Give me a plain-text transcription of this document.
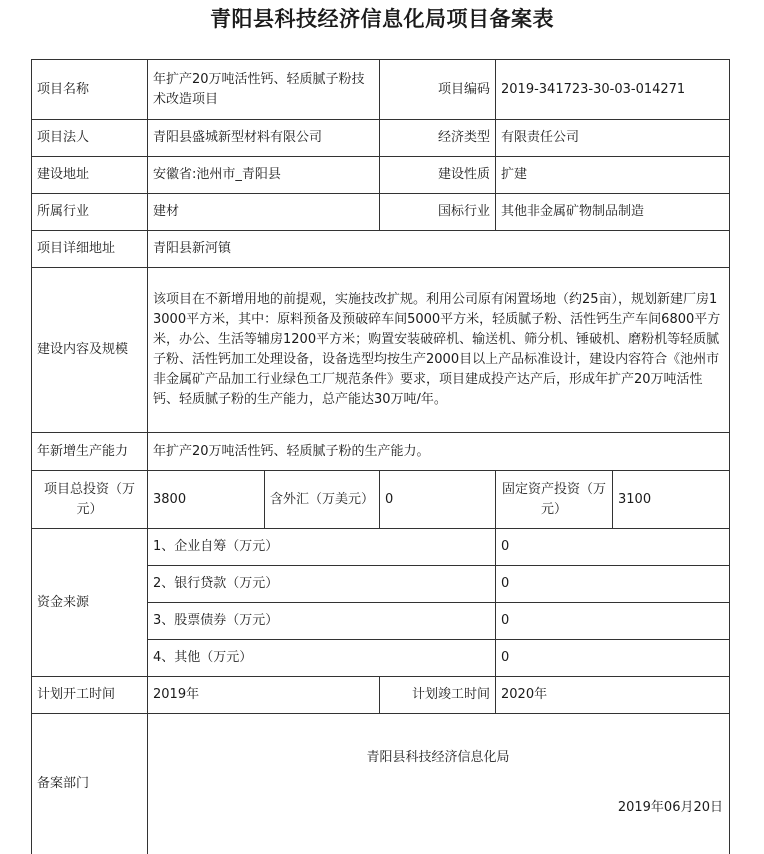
青阳县科技经济信息化局项目备案表
项目名称	年扩产20万吨活性钙、轻质腻子粉技术改造项目		项目编码	2019-341723-30-03-014271	
项目法人	青阳县盛城新型材料有限公司		经济类型	有限责任公司	
建设地址	安徽省:池州市_青阳县		建设性质	扩建	
所属行业	建材		国标行业	其他非金属矿物制品制造	
项目详细地址	青阳县新河镇				
建设内容及规模	该项目在不新增用地的前提观，实施技改扩规。利用公司原有闲置场地（约25亩），规划新建厂房13000平方米，其中：原料预备及预破碎车间5000平方米，轻质腻子粉、活性钙生产车间6800平方米，办公、生活等辅房1200平方米；购置安装破碎机、输送机、筛分机、锤破机、磨粉机等轻质腻子粉、活性钙加工处理设备，设备选型均按生产2000目以上产品标准设计，建设内容符合《池州市非金属矿产品加工行业绿色工厂规范条件》要求，项目建成投产达产后，形成年扩产20万吨活性钙、轻质腻子粉的生产能力，总产能达30万吨/年。				
年新增生产能力	年扩产20万吨活性钙、轻质腻子粉的生产能力。				
项目总投资（万元）	3800	含外汇（万美元）	0	固定资产投资（万元）	3100
资金来源	1、企业自筹（万元）			0	
	2、银行贷款（万元）			0	
	3、股票债券（万元）			0	
	4、其他（万元）			0	
计划开工时间	2019年		计划竣工时间	2020年	
备案部门	青阳县科技经济信息化局
2019年06月20日				
